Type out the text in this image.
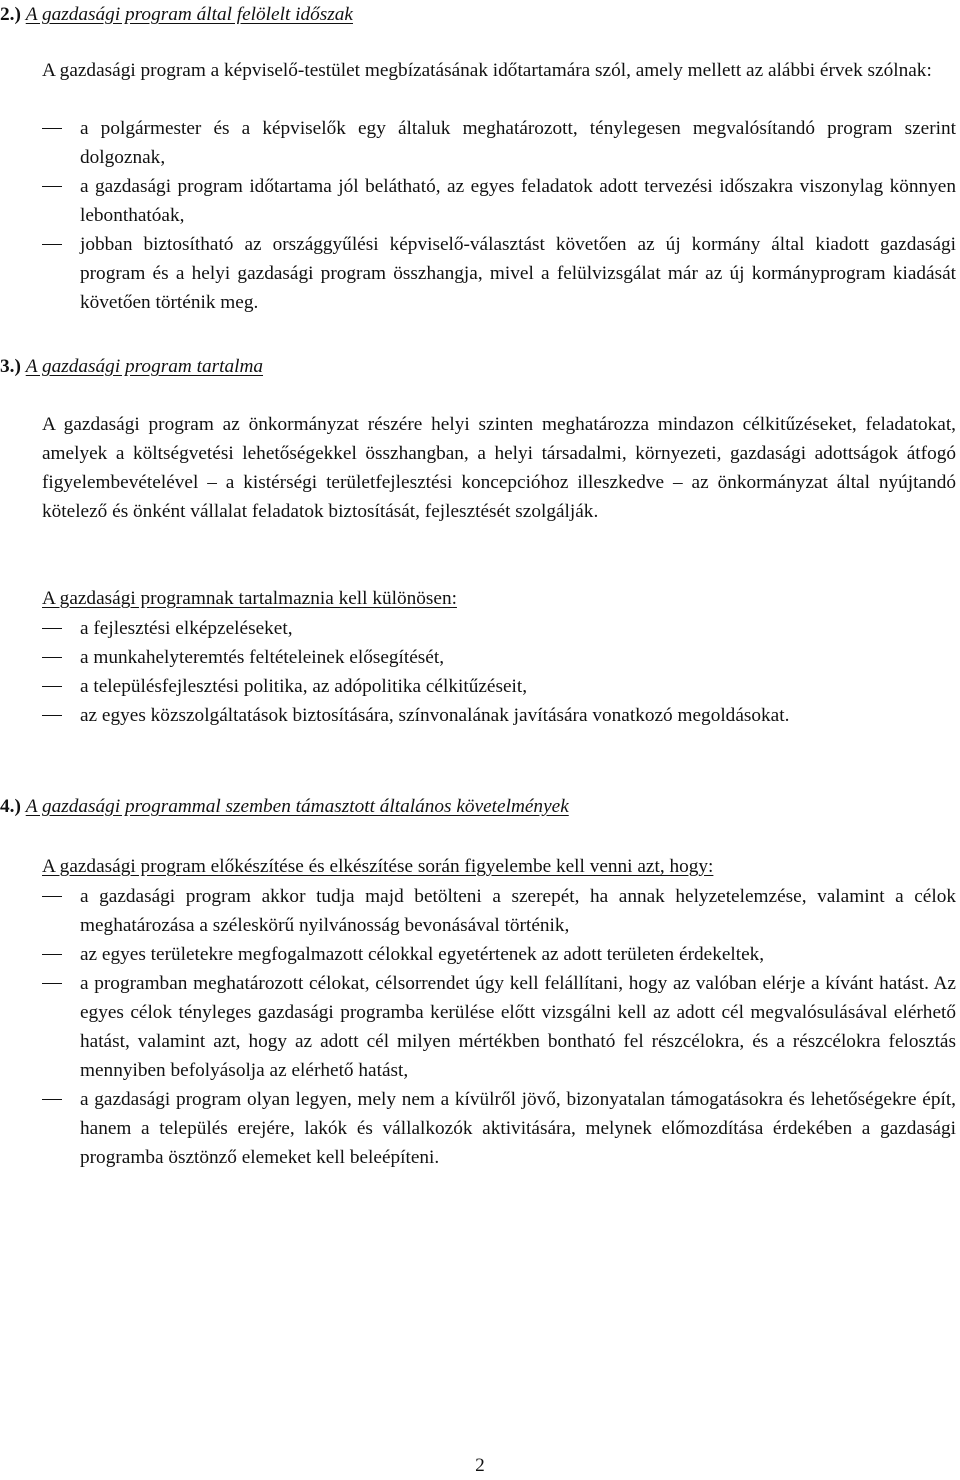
2.) A gazdasági program által felölelt időszak

A gazdasági program a képviselő-testület megbízatásának időtartamára szól, amely mellett az alábbi érvek szólnak:

a polgármester és a képviselők egy általuk meghatározott, ténylegesen megvalósítandó program szerint dolgoznak,
a gazdasági program időtartama jól belátható, az egyes feladatok adott tervezési időszakra viszonylag könnyen lebonthatóak,
jobban biztosítható az országgyűlési képviselő-választást követően az új kormány által kiadott gazdasági program és a helyi gazdasági program összhangja, mivel a felülvizsgálat már az új kormányprogram kiadását követően történik meg.
3.) A gazdasági program tartalma

A gazdasági program az önkormányzat részére helyi szinten meghatározza mindazon célkitűzéseket, feladatokat, amelyek a költségvetési lehetőségekkel összhangban, a helyi társadalmi, környezeti, gazdasági adottságok átfogó figyelembevételével – a kistérségi területfejlesztési koncepcióhoz illeszkedve – az önkormányzat által nyújtandó kötelező és önként vállalat feladatok biztosítását, fejlesztését szolgálják.

A gazdasági programnak tartalmaznia kell különösen:

a fejlesztési elképzeléseket,
a munkahelyteremtés feltételeinek elősegítését,
a településfejlesztési politika, az adópolitika célkitűzéseit,
az egyes közszolgáltatások biztosítására, színvonalának javítására vonatkozó megoldásokat.
4.) A gazdasági programmal szemben támasztott általános követelmények

A gazdasági program előkészítése és elkészítése során figyelembe kell venni azt, hogy:

a gazdasági program akkor tudja majd betölteni a szerepét, ha annak helyzetelemzése, valamint a célok meghatározása a széleskörű nyilvánosság bevonásával történik,
az egyes területekre megfogalmazott célokkal egyetértenek az adott területen érdekeltek,
a programban meghatározott célokat, célsorrendet úgy kell felállítani, hogy az valóban elérje a kívánt hatást. Az egyes célok tényleges gazdasági programba kerülése előtt vizsgálni kell az adott cél megvalósulásával elérhető hatást, valamint azt, hogy az adott cél milyen mértékben bontható fel részcélokra, és a részcélokra felosztás mennyiben befolyásolja az elérhető hatást,
a gazdasági program olyan legyen, mely nem a kívülről jövő, bizonyatalan támogatásokra és lehetőségekre épít, hanem a település erejére, lakók és vállalkozók aktivitására, melynek előmozdítása érdekében a gazdasági programba ösztönző elemeket kell beleépíteni.
2
